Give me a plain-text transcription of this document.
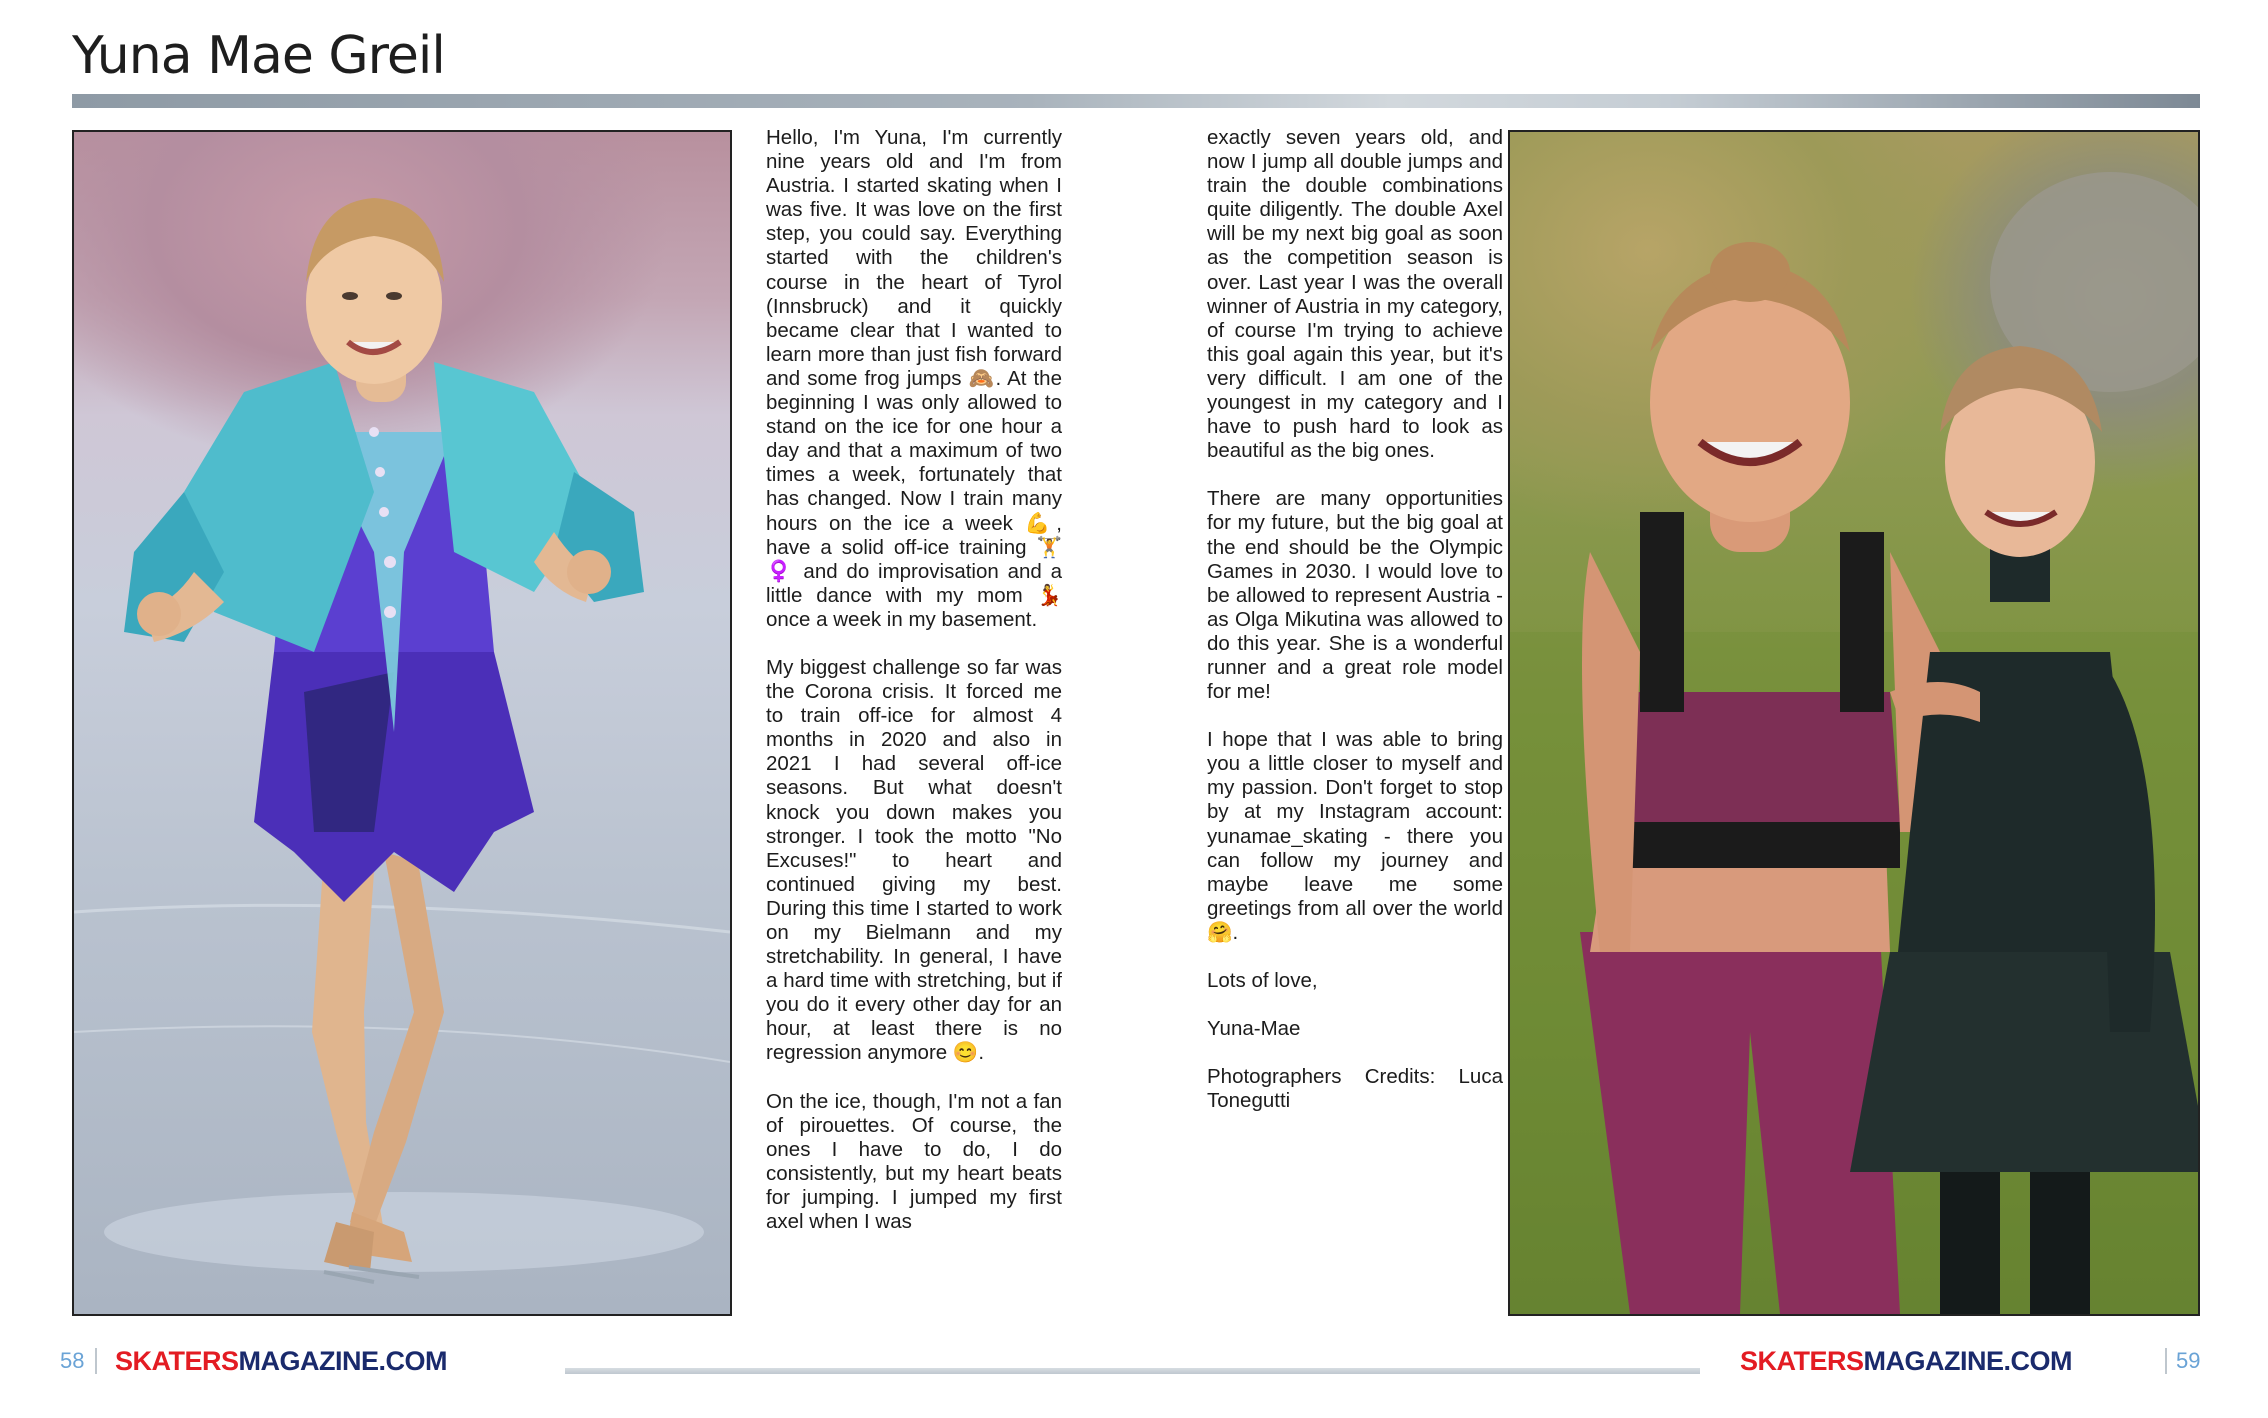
Yuna Mae Greil

Hello, I'm Yuna, I'm currently nine years old and I'm from Austria. I started skating when I was five. It was love on the first step, you could say. Everything started with the children's course in the heart of Tyrol (Innsbruck) and it quickly became clear that I wanted to learn more than just fish forward and some frog jumps 🙈. At the beginning I was only allowed to stand on the ice for one hour a day and that a maximum of two times a week, fortunately that has changed. Now I train many hours on the ice a week 💪, have a solid off-ice training 🏋️ ♀️ and do improvisation and a little dance with my mom 💃 once a week in my basement.

My biggest challenge so far was the Corona crisis. It forced me to train off-ice for almost 4 months in 2020 and also in 2021 I had several off-ice seasons. But what doesn't knock you down makes you stronger. I took the motto "No Excuses!" to heart and continued giving my best. During this time I started to work on my Bielmann and my stretchability. In general, I have a hard time with stretching, but if you do it every other day for an hour, at least there is no regression anymore 😊.

On the ice, though, I'm not a fan of pirouettes. Of course, the ones I have to do, I do consistently, but my heart beats for jumping. I jumped my first axel when I was

exactly seven years old, and now I jump all double jumps and train the double combinations quite diligently. The double Axel will be my next big goal as soon as the competition season is over. Last year I was the overall winner of Austria in my category, of course I'm trying to achieve this goal again this year, but it's very difficult. I am one of the youngest in my category and I have to push hard to look as beautiful as the big ones.

There are many opportunities for my future, but the big goal at the end should be the Olympic Games in 2030. I would love to be allowed to represent Austria - as Olga Mikutina was allowed to do this year. She is a wonderful runner and a great role model for me!

I hope that I was able to bring you a little closer to myself and my passion. Don't forget to stop by at my Instagram account: yunamae_skating - there you can follow my journey and maybe leave me some greetings from all over the world 🤗.

Lots of love,

Yuna-Mae

Photographers Credits: Luca Tonegutti

58 SKATERSMAGAZINE.COM	SKATERSMAGAZINE.COM	59
